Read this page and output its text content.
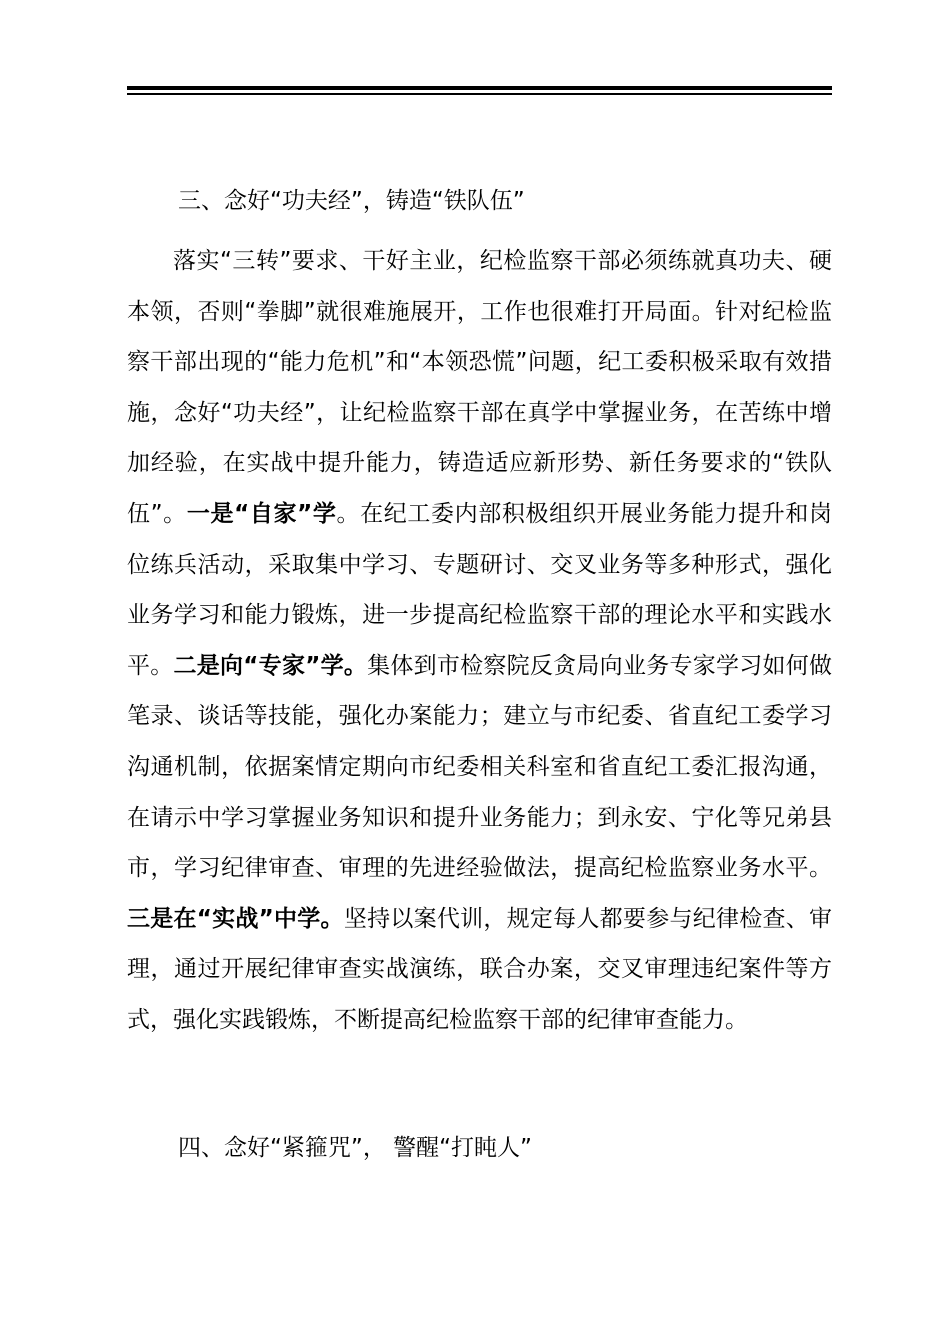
三、念好“功夫经”，铸造“铁队伍”

落实“三转”要求、干好主业，纪检监察干部必须练就真功夫、硬本领，否则“拳脚”就很难施展开，工作也很难打开局面。针对纪检监察干部出现的“能力危机”和“本领恐慌”问题，纪工委积极采取有效措施，念好“功夫经”，让纪检监察干部在真学中掌握业务，在苦练中增加经验，在实战中提升能力，铸造适应新形势、新任务要求的“铁队伍”。一是“自家”学。在纪工委内部积极组织开展业务能力提升和岗位练兵活动，采取集中学习、专题研讨、交叉业务等多种形式，强化业务学习和能力锻炼，进一步提高纪检监察干部的理论水平和实践水平。二是向“专家”学。集体到市检察院反贪局向业务专家学习如何做笔录、谈话等技能，强化办案能力；建立与市纪委、省直纪工委学习沟通机制，依据案情定期向市纪委相关科室和省直纪工委汇报沟通，在请示中学习掌握业务知识和提升业务能力；到永安、宁化等兄弟县市，学习纪律审查、审理的先进经验做法，提高纪检监察业务水平。三是在“实战”中学。坚持以案代训，规定每人都要参与纪律检查、审理，通过开展纪律审查实战演练，联合办案，交叉审理违纪案件等方式，强化实践锻炼，不断提高纪检监察干部的纪律审查能力。

四、念好“紧箍咒”， 警醒“打盹人”
